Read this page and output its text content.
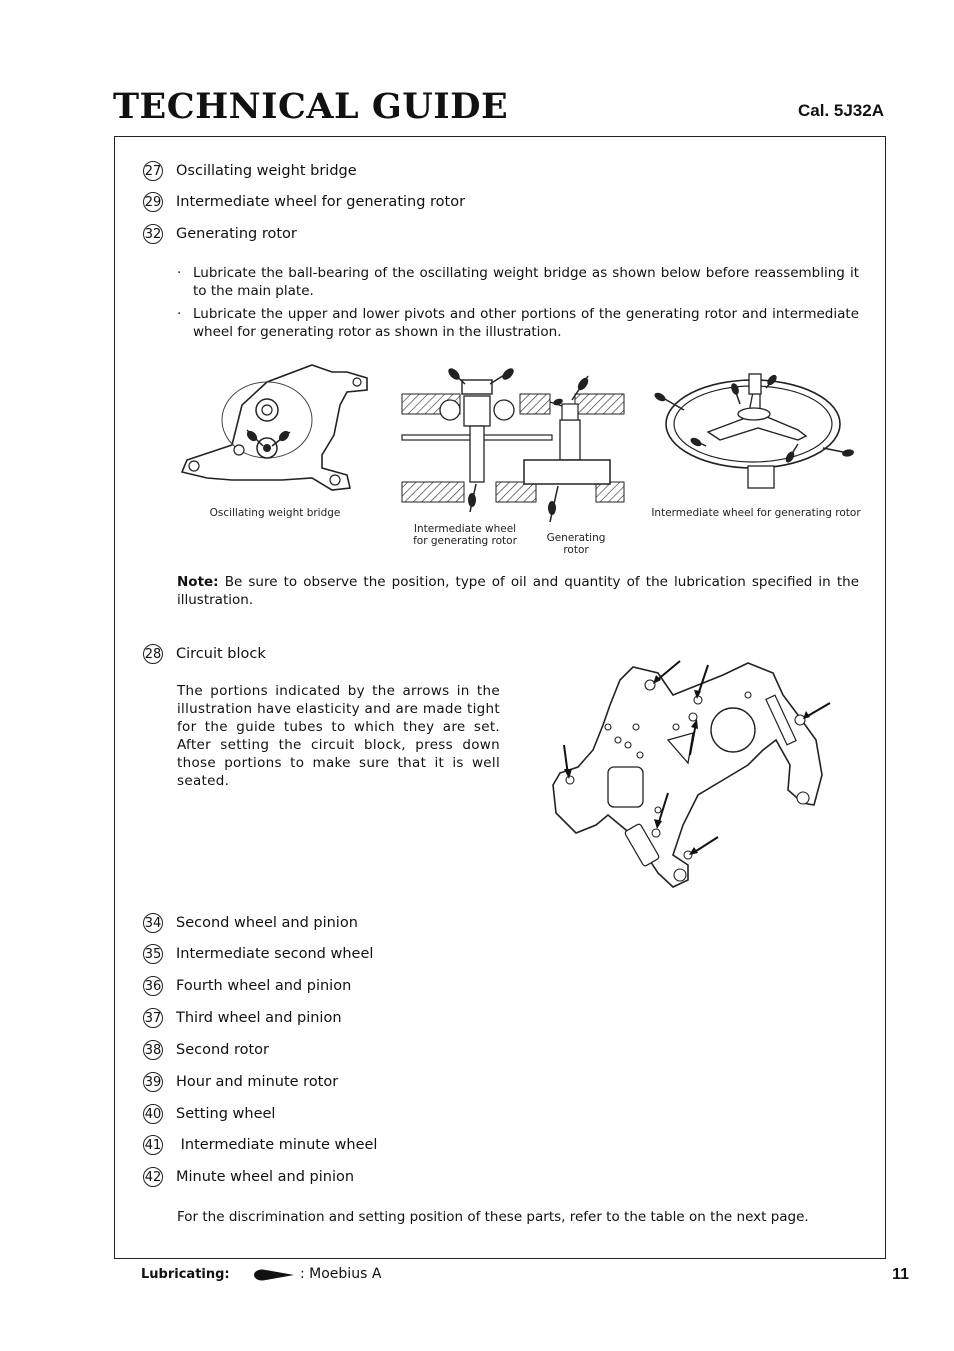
TECHNICAL GUIDE	Cal. 5J32A
27 Oscillating weight bridge
29 Intermediate wheel for generating rotor
32 Generating rotor
· Lubricate the ball-bearing of the oscillating weight bridge as shown below before reassembling it to the main plate.
· Lubricate the upper and lower pivots and other portions of the generating rotor and intermediate wheel for generating rotor as shown in the illustration.
Oscillating weight bridge
Intermediate wheel
for generating rotor	Generating
rotor
Intermediate wheel for generating rotor
Note: Be sure to observe the position, type of oil and quantity of the lubrication specified in the illustration.
28 Circuit block
The portions indicated by the arrows in the illustration have elasticity and are made tight for the guide tubes to which they are set. After setting the circuit block, press down those portions to make sure that it is well seated.
34 Second wheel and pinion
35 Intermediate second wheel
36 Fourth wheel and pinion
37 Third wheel and pinion
38 Second rotor
39 Hour and minute rotor
40 Setting wheel
41 Intermediate minute wheel
42 Minute wheel and pinion
For the discrimination and setting position of these parts, refer to the table on the next page.
Lubricating:	: Moebius A	11
